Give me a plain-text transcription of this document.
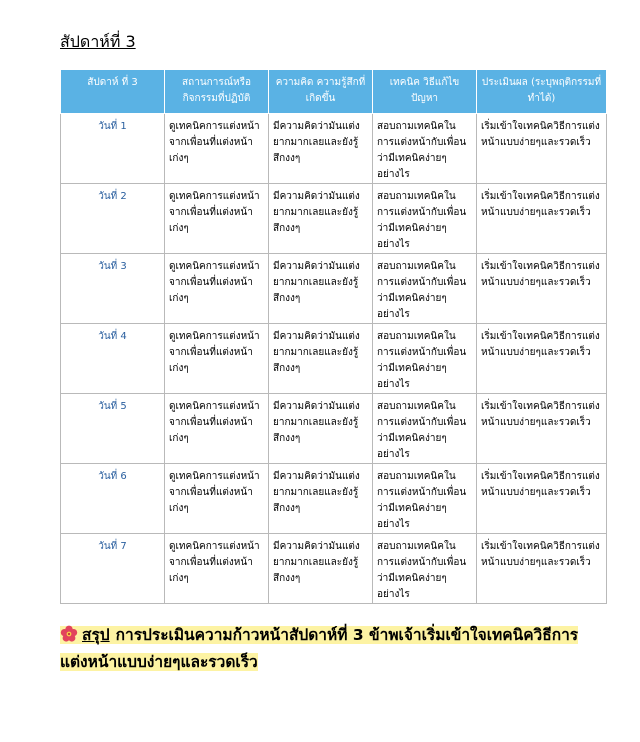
สัปดาห์ที่ 3
สัปดาห์ ที่ 3	สถานการณ์หรือ กิจกรรมที่ปฏิบัติ	ความคิด ความรู้สึกที่ เกิดขึ้น	เทคนิค วิธีแก้ไข ปัญหา	ประเมินผล (ระบุพฤติกรรมที่ ทำได้)
วันที่ 1	ดูเทคนิคการแต่งหน้าจากเพื่อนที่แต่งหน้าเก่งๆ	มีความคิดว่ามันแต่งยากมากเลยและยังรู้สึกงงๆ	สอบถามเทคนิคในการแต่งหน้ากับเพื่อนว่ามีเทคนิคง่ายๆอย่างไร	เริ่มเข้าใจเทคนิควิธีการแต่งหน้าแบบง่ายๆและรวดเร็ว
วันที่ 2	ดูเทคนิคการแต่งหน้าจากเพื่อนที่แต่งหน้าเก่งๆ	มีความคิดว่ามันแต่งยากมากเลยและยังรู้สึกงงๆ	สอบถามเทคนิคในการแต่งหน้ากับเพื่อนว่ามีเทคนิคง่ายๆอย่างไร	เริ่มเข้าใจเทคนิควิธีการแต่งหน้าแบบง่ายๆและรวดเร็ว
วันที่ 3	ดูเทคนิคการแต่งหน้าจากเพื่อนที่แต่งหน้าเก่งๆ	มีความคิดว่ามันแต่งยากมากเลยและยังรู้สึกงงๆ	สอบถามเทคนิคในการแต่งหน้ากับเพื่อนว่ามีเทคนิคง่ายๆอย่างไร	เริ่มเข้าใจเทคนิควิธีการแต่งหน้าแบบง่ายๆและรวดเร็ว
วันที่ 4	ดูเทคนิคการแต่งหน้าจากเพื่อนที่แต่งหน้าเก่งๆ	มีความคิดว่ามันแต่งยากมากเลยและยังรู้สึกงงๆ	สอบถามเทคนิคในการแต่งหน้ากับเพื่อนว่ามีเทคนิคง่ายๆอย่างไร	เริ่มเข้าใจเทคนิควิธีการแต่งหน้าแบบง่ายๆและรวดเร็ว
วันที่ 5	ดูเทคนิคการแต่งหน้าจากเพื่อนที่แต่งหน้าเก่งๆ	มีความคิดว่ามันแต่งยากมากเลยและยังรู้สึกงงๆ	สอบถามเทคนิคในการแต่งหน้ากับเพื่อนว่ามีเทคนิคง่ายๆอย่างไร	เริ่มเข้าใจเทคนิควิธีการแต่งหน้าแบบง่ายๆและรวดเร็ว
วันที่ 6	ดูเทคนิคการแต่งหน้าจากเพื่อนที่แต่งหน้าเก่งๆ	มีความคิดว่ามันแต่งยากมากเลยและยังรู้สึกงงๆ	สอบถามเทคนิคในการแต่งหน้ากับเพื่อนว่ามีเทคนิคง่ายๆอย่างไร	เริ่มเข้าใจเทคนิควิธีการแต่งหน้าแบบง่ายๆและรวดเร็ว
วันที่ 7	ดูเทคนิคการแต่งหน้าจากเพื่อนที่แต่งหน้าเก่งๆ	มีความคิดว่ามันแต่งยากมากเลยและยังรู้สึกงงๆ	สอบถามเทคนิคในการแต่งหน้ากับเพื่อนว่ามีเทคนิคง่ายๆอย่างไร	เริ่มเข้าใจเทคนิควิธีการแต่งหน้าแบบง่ายๆและรวดเร็ว

สรุป การประเมินความก้าวหน้าสัปดาห์ที่ 3 ข้าพเจ้าเริ่มเข้าใจเทคนิควิธีการแต่งหน้าแบบง่ายๆและรวดเร็ว
